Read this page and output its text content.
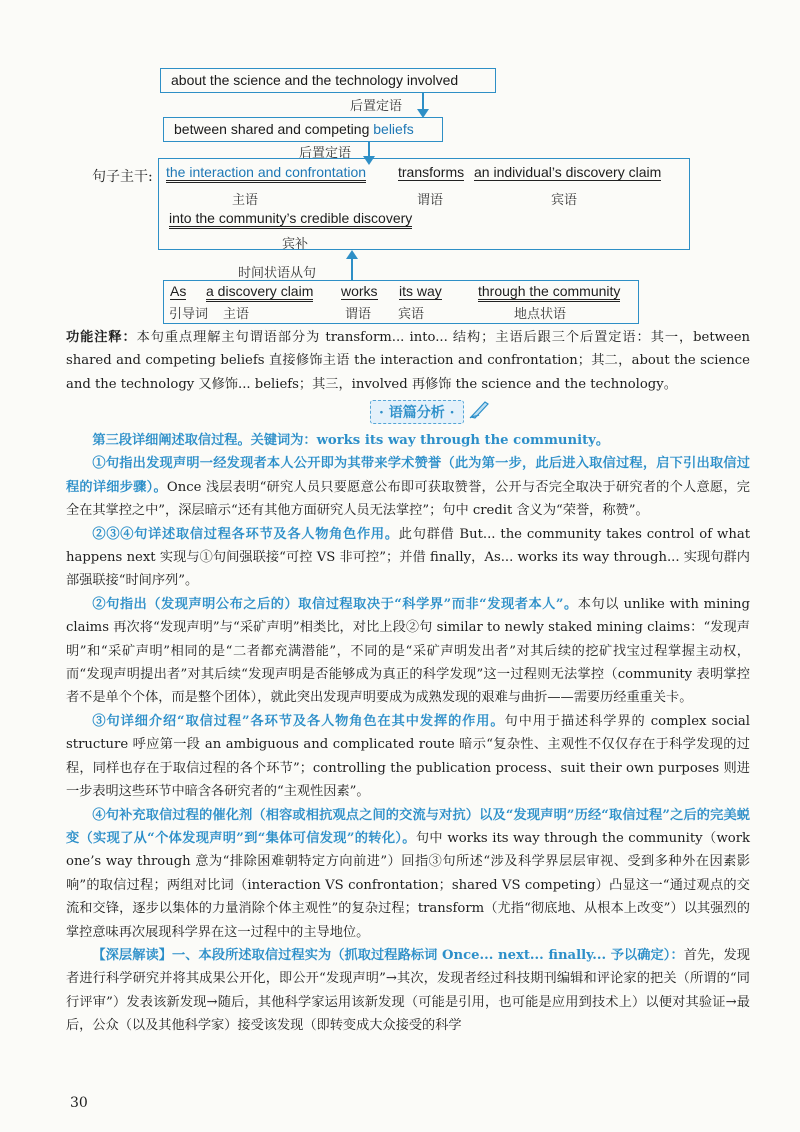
about the science and the technology involved
后置定语
between shared and competing beliefs
后置定语
句子主干: the interaction and confrontation transforms an individual’s discovery claim
主语	谓语	宾语
into the community’s credible discovery
宾补
时间状语从句
As a discovery claim works its way	through the community
引导词 主语	谓语 宾语	地点状语

功能注释：本句重点理解主句谓语部分为 transform... into... 结构；主语后跟三个后置定语：其一，between shared and competing beliefs 直接修饰主语 the interaction and confrontation；其二，about the science and the technology 又修饰... beliefs；其三，involved 再修饰 the science and the technology。

· 语篇分析 ·

第三段详细阐述取信过程。关键词为：works its way through the community。

①句指出发现声明一经发现者本人公开即为其带来学术赞誉（此为第一步，此后进入取信过程，启下引出取信过程的详细步骤）。Once 浅层表明“研究人员只要愿意公布即可获取赞誉，公开与否完全取决于研究者的个人意愿，完全在其掌控之中”，深层暗示“还有其他方面研究人员无法掌控”；句中 credit 含义为“荣誉，称赞”。

②③④句详述取信过程各环节及各人物角色作用。此句群借 But... the community takes control of what happens next 实现与①句间强联接“可控 VS 非可控”；并借 finally，As... works its way through... 实现句群内部强联接“时间序列”。

②句指出（发现声明公布之后的）取信过程取决于“科学界”而非“发现者本人”。本句以 unlike with mining claims 再次将“发现声明”与“采矿声明”相类比，对比上段②句 similar to newly staked mining claims：“发现声明”和“采矿声明”相同的是“二者都充满潜能”，不同的是“采矿声明发出者”对其后续的挖矿找宝过程掌握主动权，而“发现声明提出者”对其后续“发现声明是否能够成为真正的科学发现”这一过程则无法掌控（community 表明掌控者不是单个个体，而是整个团体），就此突出发现声明要成为成熟发现的艰难与曲折——需要历经重重关卡。

③句详细介绍“取信过程”各环节及各人物角色在其中发挥的作用。句中用于描述科学界的 complex social structure 呼应第一段 an ambiguous and complicated route 暗示“复杂性、主观性不仅仅存在于科学发现的过程，同样也存在于取信过程的各个环节”；controlling the publication process、suit their own purposes 则进一步表明这些环节中暗含各研究者的“主观性因素”。

④句补充取信过程的催化剂（相容或相抗观点之间的交流与对抗）以及“发现声明”历经“取信过程”之后的完美蜕变（实现了从“个体发现声明”到“集体可信发现”的转化）。句中 works its way through the community（work one’s way through 意为“排除困难朝特定方向前进”）回指③句所述“涉及科学界层层审视、受到多种外在因素影响”的取信过程；两组对比词（interaction VS confrontation；shared VS competing）凸显这一“通过观点的交流和交锋，逐步以集体的力量消除个体主观性”的复杂过程；transform（尤指“彻底地、从根本上改变”）以其强烈的掌控意味再次展现科学界在这一过程中的主导地位。

【深层解读】一、本段所述取信过程实为（抓取过程路标词 Once... next... finally... 予以确定）：首先，发现者进行科学研究并将其成果公开化，即公开“发现声明”→其次，发现者经过科技期刊编辑和评论家的把关（所谓的“同行评审”）发表该新发现→随后，其他科学家运用该新发现（可能是引用，也可能是应用到技术上）以便对其验证→最后，公众（以及其他科学家）接受该发现（即转变成大众接受的科学

30
